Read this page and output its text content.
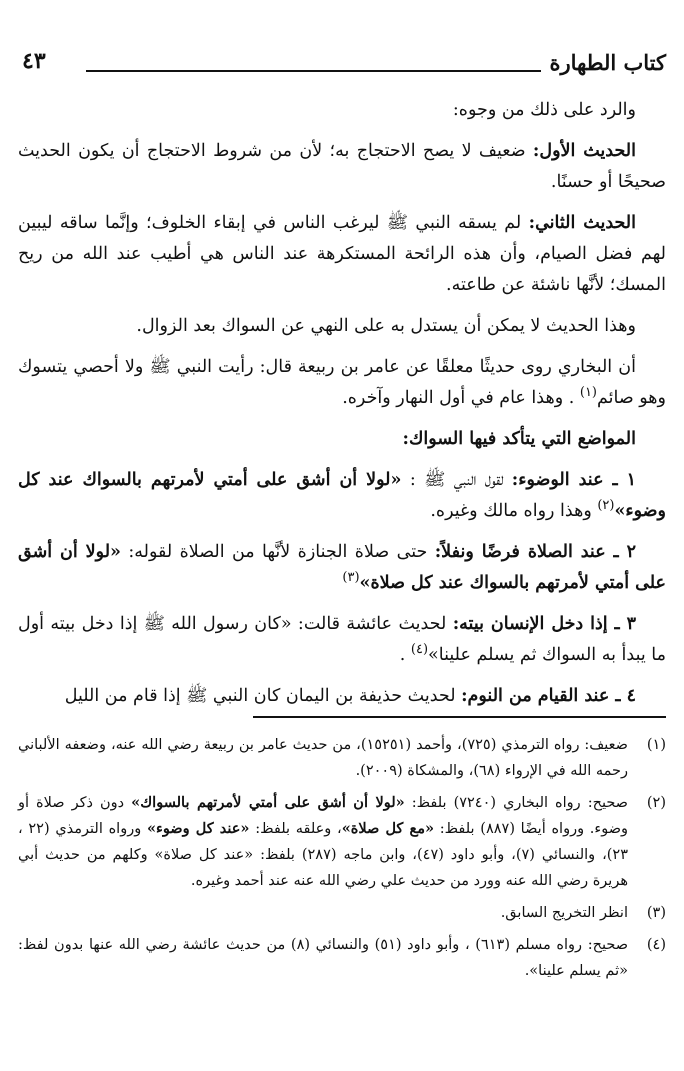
كتاب الطهارة
٤٣

والرد على ذلك من وجوه:

الحديث الأول: ضعيف لا يصح الاحتجاج به؛ لأن من شروط الاحتجاج أن يكون الحديث صحيحًا أو حسنًا.

الحديث الثاني: لم يسقه النبي ﷺ ليرغب الناس في إبقاء الخلوف؛ وإنَّما ساقه ليبين لهم فضل الصيام، وأن هذه الرائحة المستكرهة عند الناس هي أطيب عند الله من ريح المسك؛ لأنَّها ناشئة عن طاعته.

وهذا الحديث لا يمكن أن يستدل به على النهي عن السواك بعد الزوال.

أن البخاري روى حديثًا معلقًا عن عامر بن ربيعة قال: رأيت النبي ﷺ ولا أحصي يتسوك وهو صائم$^{(١)}$ . وهذا عام في أول النهار وآخره.

المواضع التي يتأكد فيها السواك:

١ ـ عند الوضوء: لقول النبي ﷺ : «لولا أن أشق على أمتي لأمرتهم بالسواك عند كل وضوء»$^{(٢)}$ وهذا رواه مالك وغيره.

٢ ـ عند الصلاة فرضًا ونفلاً: حتى صلاة الجنازة لأنَّها من الصلاة لقوله: «لولا أن أشق على أمتي لأمرتهم بالسواك عند كل صلاة»$^{(٣)}$

٣ ـ إذا دخل الإنسان بيته: لحديث عائشة قالت: «كان رسول الله ﷺ إذا دخل بيته أول ما يبدأ به السواك ثم يسلم علينا»$^{(٤)}$ .

٤ ـ عند القيام من النوم: لحديث حذيفة بن اليمان كان النبي ﷺ إذا قام من الليل

(١)
ضعيف: رواه الترمذي (٧٢٥)، وأحمد (١٥٢٥١)، من حديث عامر بن ربيعة رضي الله عنه، وضعفه الألباني رحمه الله في الإرواء (٦٨)، والمشكاة (٢٠٠٩).
(٢)
صحيح: رواه البخاري (٧٢٤٠) بلفظ: «لولا أن أشق على أمتي لأمرتهم بالسواك» دون ذكر صلاة أو وضوء. ورواه أيضًا (٨٨٧) بلفظ: «مع كل صلاة»، وعلقه بلفظ: «عند كل وضوء» ورواه الترمذي (٢٢ ، ٢٣)، والنسائي (٧)، وأبو داود (٤٧)، وابن ماجه (٢٨٧) بلفظ: «عند كل صلاة» وكلهم من حديث أبي هريرة رضي الله عنه وورد من حديث علي رضي الله عنه عند أحمد وغيره.
(٣)
انظر التخريج السابق.
(٤)
صحيح: رواه مسلم (٦١٣) ، وأبو داود (٥١) والنسائي (٨) من حديث عائشة رضي الله عنها بدون لفظ: «ثم يسلم علينا».
